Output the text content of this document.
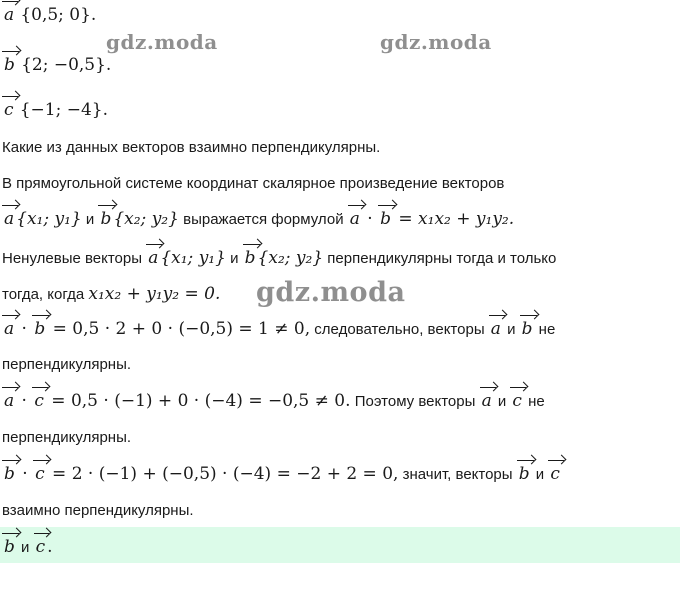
a {0,5; 0}.
b {2; −0,5}.
c {−1; −4}.
Какие из данных векторов взаимно перпендикулярны.
В прямоугольной системе координат скалярное произведение векторов
a {x₁; y₁} и b {x₂; y₂} выражается формулой a · b = x₁x₂ + y₁y₂.
Ненулевые векторы a {x₁; y₁} и b {x₂; y₂} перпендикулярны тогда и только
тогда, когда x₁x₂ + y₁y₂ = 0.
a · b = 0,5 · 2 + 0 · (−0,5) = 1 ≠ 0, следовательно, векторы a и b не
перпендикулярны.
a · c = 0,5 · (−1) + 0 · (−4) = −0,5 ≠ 0. Поэтому векторы a и c не
перпендикулярны.
b · c = 2 · (−1) + (−0,5) · (−4) = −2 + 2 = 0, значит, векторы b и c
взаимно перпендикулярны.
b и c .
gdz.moda	gdz.moda
gdz.moda
